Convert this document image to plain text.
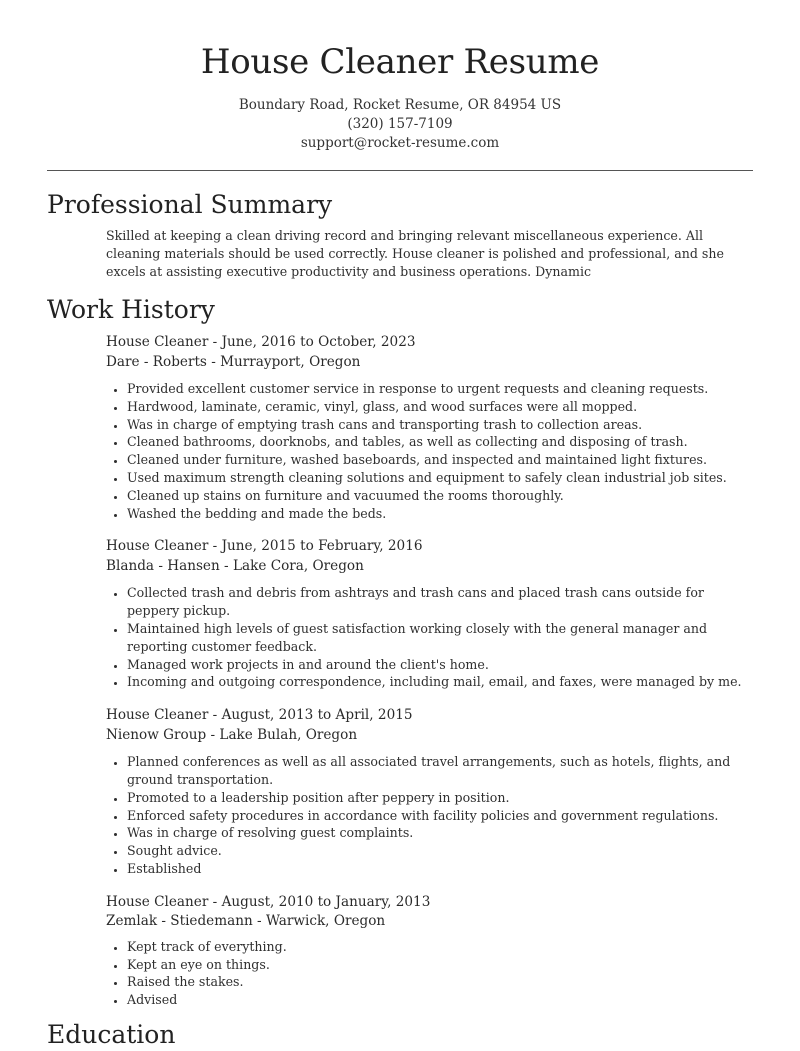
House Cleaner Resume
Boundary Road, Rocket Resume, OR 84954 US
(320) 157-7109
support@rocket-resume.com
Professional Summary

Skilled at keeping a clean driving record and bringing relevant miscellaneous experience. All cleaning materials should be used correctly. House cleaner is polished and professional, and she excels at assisting executive productivity and business operations. Dynamic

Work History
House Cleaner - June, 2016 to October, 2023
Dare - Roberts - Murrayport, Oregon
• Provided excellent customer service in response to urgent requests and cleaning requests.
• Hardwood, laminate, ceramic, vinyl, glass, and wood surfaces were all mopped.
• Was in charge of emptying trash cans and transporting trash to collection areas.
• Cleaned bathrooms, doorknobs, and tables, as well as collecting and disposing of trash.
• Cleaned under furniture, washed baseboards, and inspected and maintained light fixtures.
• Used maximum strength cleaning solutions and equipment to safely clean industrial job sites.
• Cleaned up stains on furniture and vacuumed the rooms thoroughly.
• Washed the bedding and made the beds.
House Cleaner - June, 2015 to February, 2016
Blanda - Hansen - Lake Cora, Oregon
• Collected trash and debris from ashtrays and trash cans and placed trash cans outside for peppery pickup.
• Maintained high levels of guest satisfaction working closely with the general manager and reporting customer feedback.
• Managed work projects in and around the client's home.
• Incoming and outgoing correspondence, including mail, email, and faxes, were managed by me.
House Cleaner - August, 2013 to April, 2015
Nienow Group - Lake Bulah, Oregon
• Planned conferences as well as all associated travel arrangements, such as hotels, flights, and ground transportation.
• Promoted to a leadership position after peppery in position.
• Enforced safety procedures in accordance with facility policies and government regulations.
• Was in charge of resolving guest complaints.
• Sought advice.
• Established
House Cleaner - August, 2010 to January, 2013
Zemlak - Stiedemann - Warwick, Oregon
• Kept track of everything.
• Kept an eye on things.
• Raised the stakes.
• Advised
Education
